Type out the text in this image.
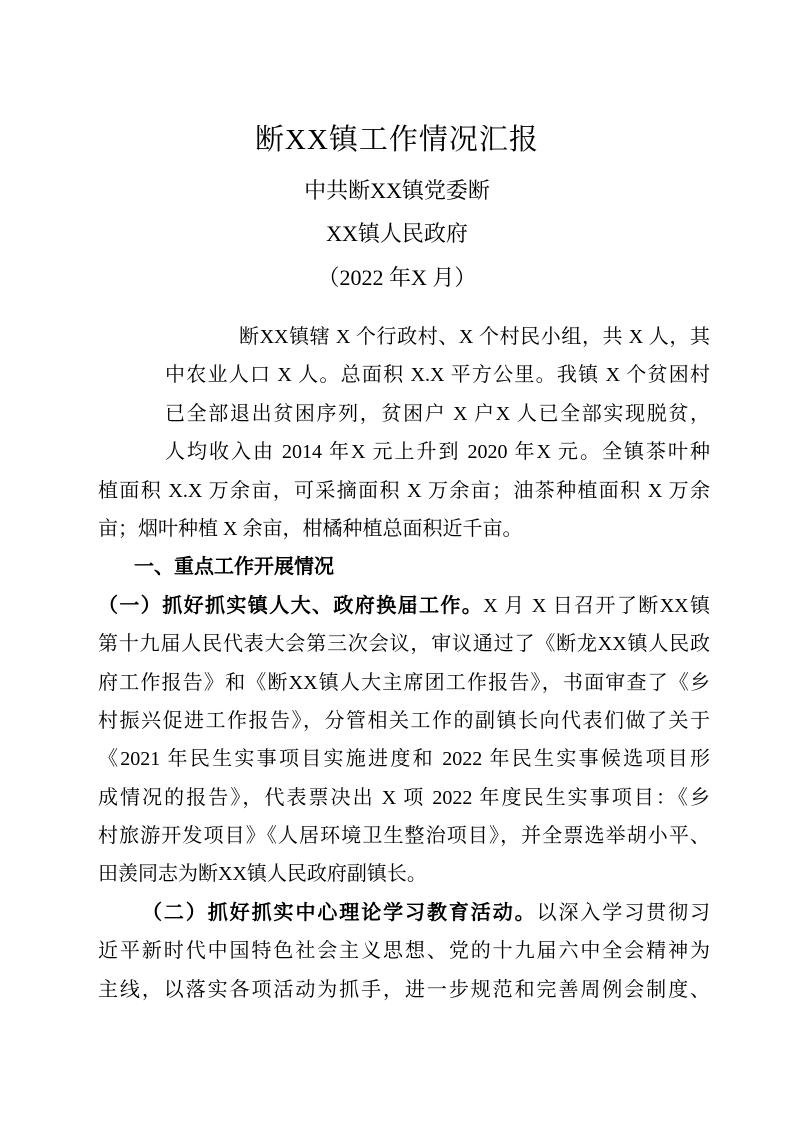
断XX镇工作情况汇报
中共断XX镇党委断
XX镇人民政府
（2022 年X 月）
断XX镇辖 X 个行政村、X 个村民小组，共 X 人，其
中农业人口 X 人。总面积 X.X 平方公里。我镇 X 个贫困村
已全部退出贫困序列，贫困户 X 户X 人已全部实现脱贫，
人均收入由 2014 年X 元上升到 2020 年X 元。全镇茶叶种
植面积 X.X 万余亩，可采摘面积 X 万余亩；油茶种植面积 X 万余
亩；烟叶种植 X 余亩，柑橘种植总面积近千亩。
一、重点工作开展情况
（一）抓好抓实镇人大、政府换届工作。X 月 X 日召开了断XX镇
第十九届人民代表大会第三次会议，审议通过了《断龙XX镇人民政
府工作报告》和《断XX镇人大主席团工作报告》，书面审查了《乡
村振兴促进工作报告》，分管相关工作的副镇长向代表们做了关于
《2021 年民生实事项目实施进度和 2022 年民生实事候选项目形
成情况的报告》，代表票决出 X 项 2022 年度民生实事项目：《乡
村旅游开发项目》《人居环境卫生整治项目》，并全票选举胡小平、
田羡同志为断XX镇人民政府副镇长。
（二）抓好抓实中心理论学习教育活动。以深入学习贯彻习
近平新时代中国特色社会主义思想、党的十九届六中全会精神为
主线，以落实各项活动为抓手，进一步规范和完善周例会制度、
